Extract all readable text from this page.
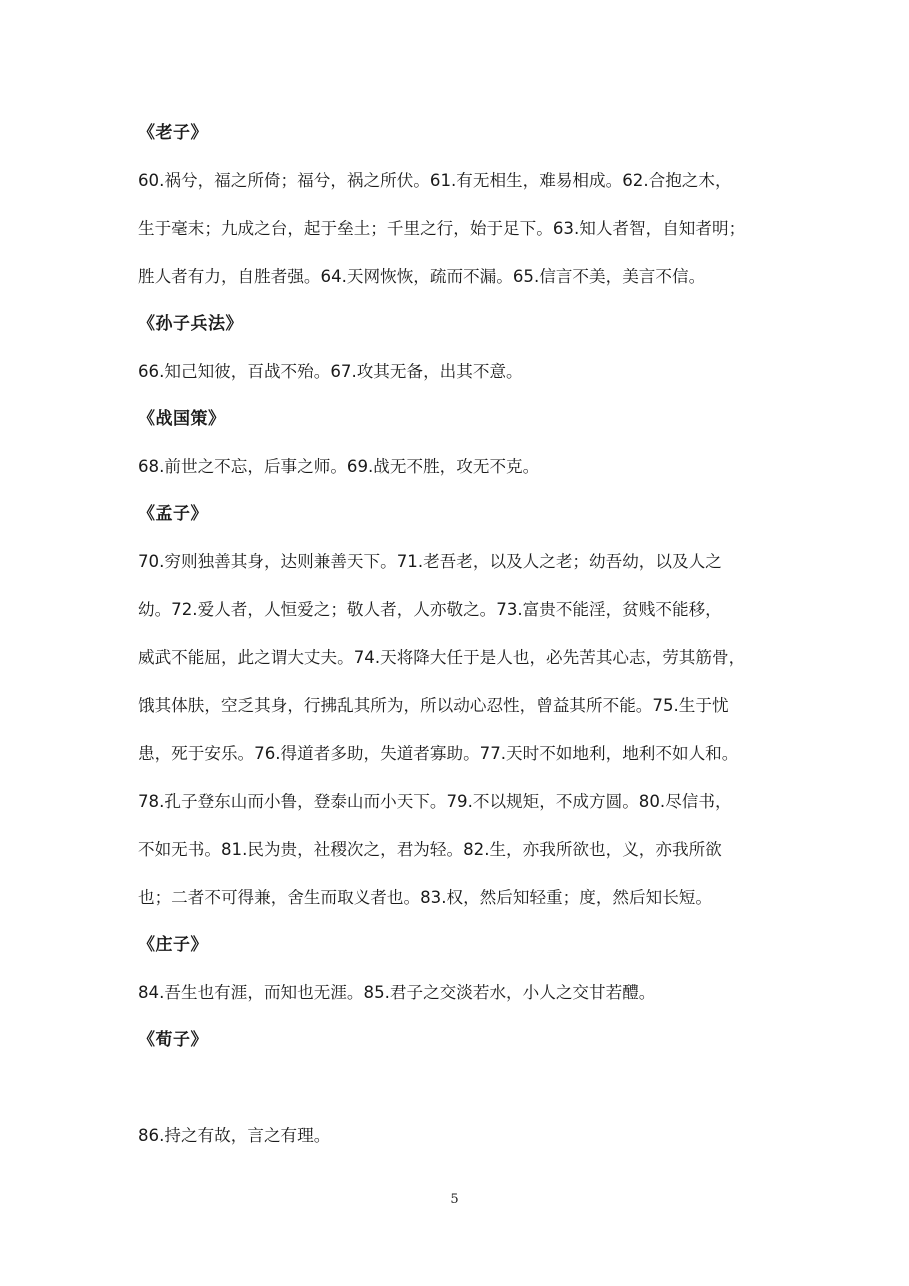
《老子》
60.祸兮，福之所倚；福兮，祸之所伏。61.有无相生，难易相成。62.合抱之木，
生于毫末；九成之台，起于垒土；千里之行，始于足下。63.知人者智，自知者明；
胜人者有力，自胜者强。64.天网恢恢，疏而不漏。65.信言不美，美言不信。
《孙子兵法》
66.知己知彼，百战不殆。67.攻其无备，出其不意。
《战国策》
68.前世之不忘，后事之师。69.战无不胜，攻无不克。
《孟子》
70.穷则独善其身，达则兼善天下。71.老吾老，以及人之老；幼吾幼，以及人之
幼。72.爱人者，人恒爱之；敬人者，人亦敬之。73.富贵不能淫，贫贱不能移，
威武不能屈，此之谓大丈夫。74.天将降大任于是人也，必先苦其心志，劳其筋骨，
饿其体肤，空乏其身，行拂乱其所为，所以动心忍性，曾益其所不能。75.生于忧
患，死于安乐。76.得道者多助，失道者寡助。77.天时不如地利，地利不如人和。
78.孔子登东山而小鲁，登泰山而小天下。79.不以规矩，不成方圆。80.尽信书，
不如无书。81.民为贵，社稷次之，君为轻。82.生，亦我所欲也，义，亦我所欲
也；二者不可得兼，舍生而取义者也。83.权，然后知轻重；度，然后知长短。
《庄子》
84.吾生也有涯，而知也无涯。85.君子之交淡若水，小人之交甘若醴。
《荀子》
86.持之有故，言之有理。
5
